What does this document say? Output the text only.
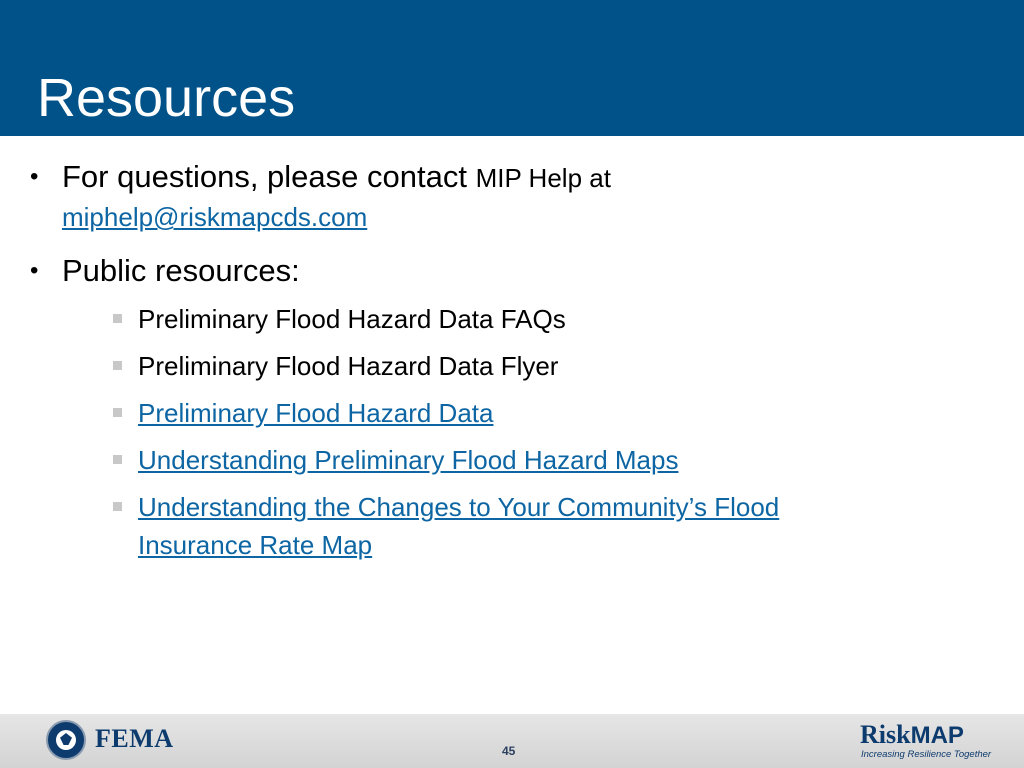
Resources
• For questions, please contact MIP Help at
miphelp@riskmapcds.com
• Public resources:
Preliminary Flood Hazard Data FAQs
Preliminary Flood Hazard Data Flyer
Preliminary Flood Hazard Data
Understanding Preliminary Flood Hazard Maps
Understanding the Changes to Your Community’s Flood
Insurance Rate Map
FEMA	45
RiskMAP
Increasing Resilience Together
